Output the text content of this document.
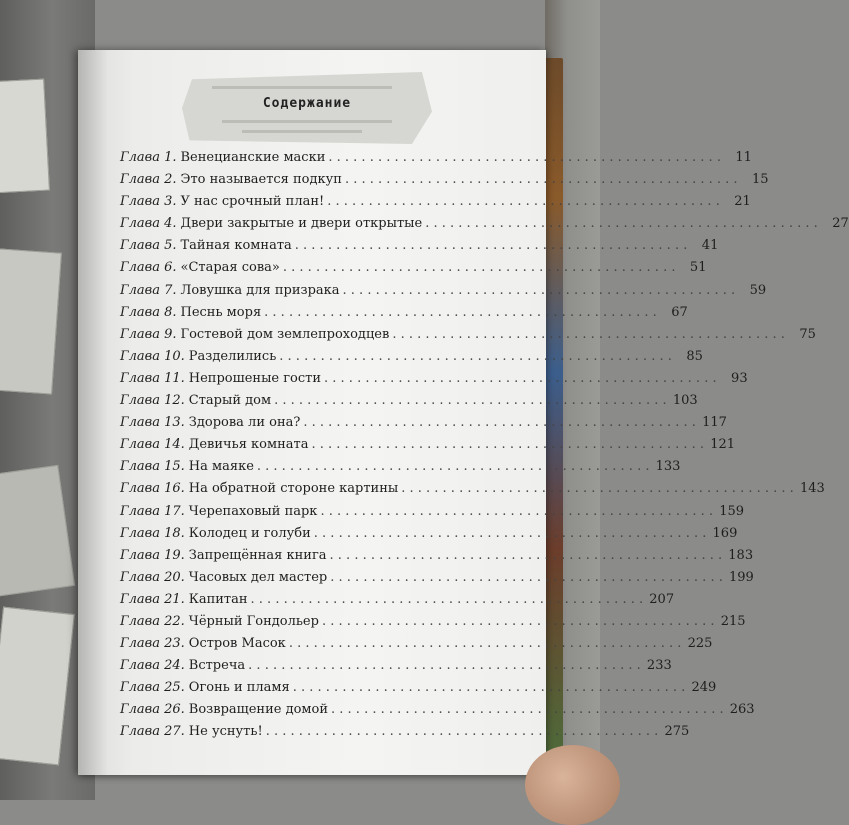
Содержание
Глава 1. Венецианские маски . . .	11
Глава 2. Это называется подкуп . . .	15
Глава 3. У нас срочный план! . . .	21
Глава 4. Двери закрытые и двери открытые . . .	27
Глава 5. Тайная комната . . .	41
Глава 6. «Старая сова» . . .	51
Глава 7. Ловушка для призрака . . .	59
Глава 8. Песнь моря . . .	67
Глава 9. Гостевой дом землепроходцев . . .	75
Глава 10. Разделились . . .	85
Глава 11. Непрошеные гости . . .	93
Глава 12. Старый дом . . .	103
Глава 13. Здорова ли она? . . .	117
Глава 14. Девичья комната . . .	121
Глава 15. На маяке . . .	133
Глава 16. На обратной стороне картины . . .	143
Глава 17. Черепаховый парк . . .	159
Глава 18. Колодец и голуби . . .	169
Глава 19. Запрещённая книга . . .	183
Глава 20. Часовых дел мастер . . .	199
Глава 21. Капитан . . .	207
Глава 22. Чёрный Гондольер . . .	215
Глава 23. Остров Масок . . .	225
Глава 24. Встреча . . .	233
Глава 25. Огонь и пламя . . .	249
Глава 26. Возвращение домой . . .	263
Глава 27. Не уснуть! . . .	275
